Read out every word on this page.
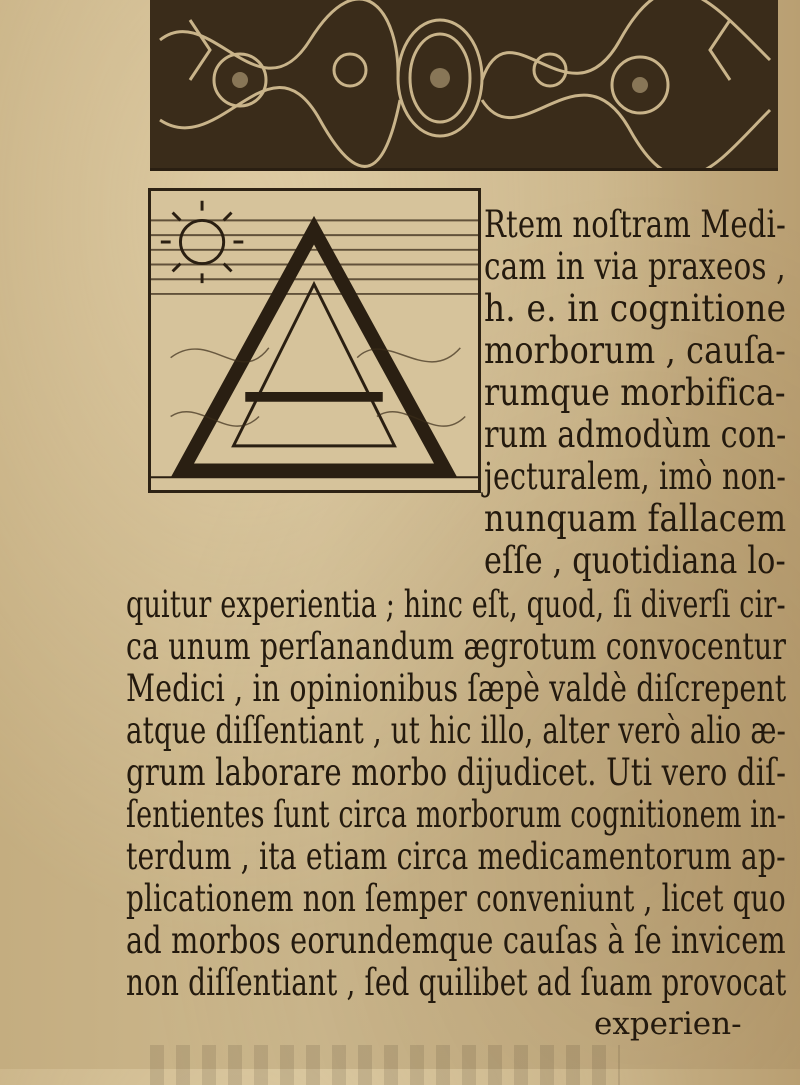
Rtem noſtram Medi-
cam in via praxeos ,
h. e. in cognitione
morborum , cauſa-
rumque morbifica-
rum admodùm con-
jecturalem, imò non-
nunquam fallacem
eſſe , quotidiana lo-
quitur experientia ; hinc eſt, quod, ſi diverſi cir-
ca unum perſanandum ægrotum convocentur
Medici , in opinionibus ſæpè valdè diſcrepent
atque diſſentiant , ut hic illo, alter verò alio æ-
grum laborare morbo dijudicet. Uti vero diſ-
ſentientes ſunt circa morborum cognitionem in-
terdum , ita etiam circa medicamentorum ap-
plicationem non ſemper conveniunt , licet quo
ad morbos eorundemque cauſas à ſe invicem
non diſſentiant , ſed quilibet ad ſuam provocat
experien-
